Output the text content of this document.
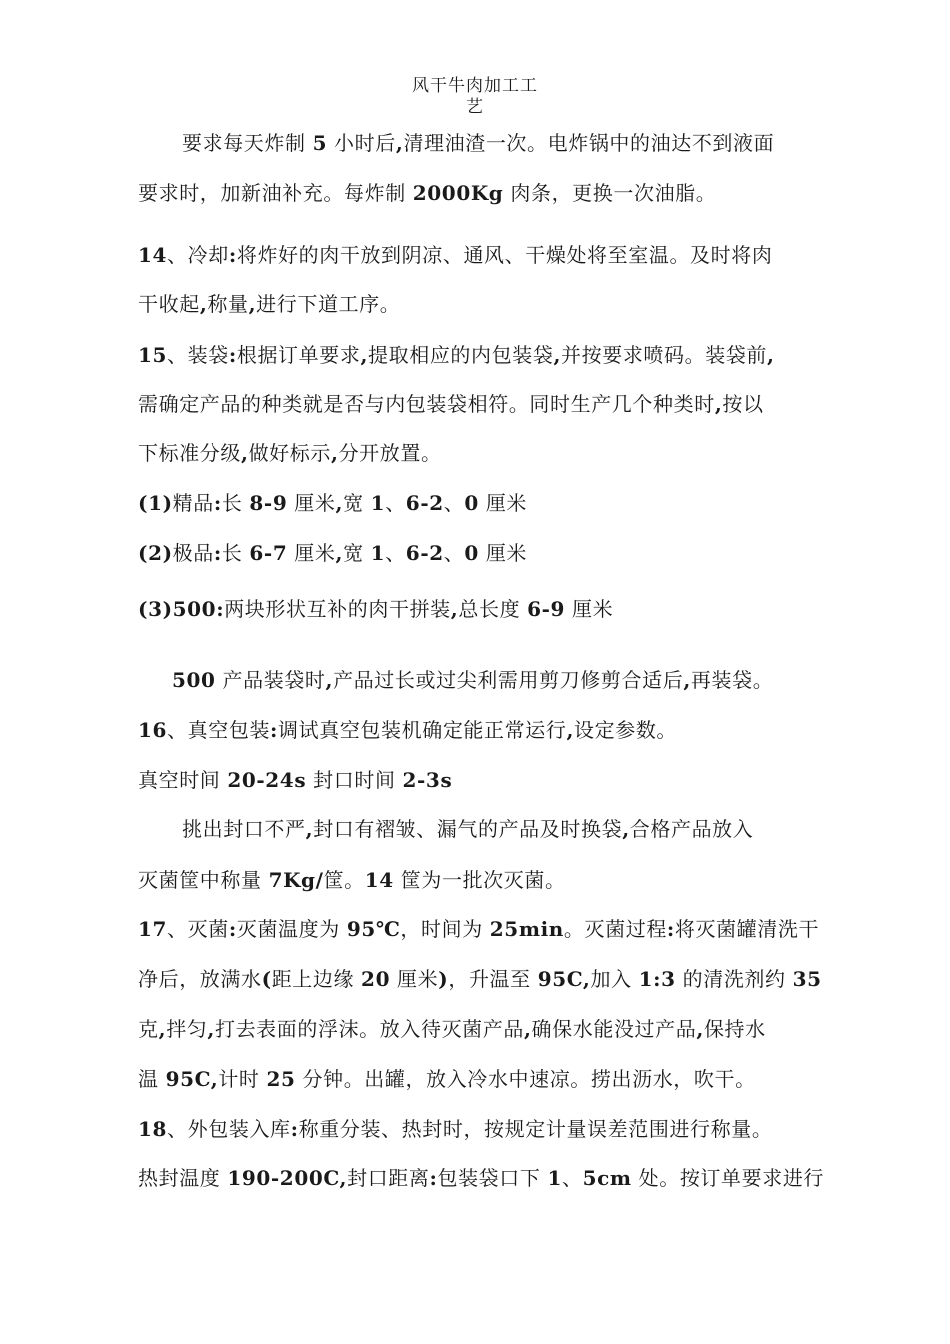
风干牛肉加工工
艺
要求每天炸制 5 小时后,清理油渣一次。电炸锅中的油达不到液面
要求时，加新油补充。每炸制 2000Kg 肉条，更换一次油脂。
14、冷却:将炸好的肉干放到阴凉、通风、干燥处将至室温。及时将肉
干收起,称量,进行下道工序。
15、装袋:根据订单要求,提取相应的内包装袋,并按要求喷码。装袋前,
需确定产品的种类就是否与内包装袋相符。同时生产几个种类时,按以
下标准分级,做好标示,分开放置。
(1)精品:长 8-9 厘米,宽 1、6-2、0 厘米
(2)极品:长 6-7 厘米,宽 1、6-2、0 厘米
(3)500:两块形状互补的肉干拼装,总长度 6-9 厘米
500 产品装袋时,产品过长或过尖利需用剪刀修剪合适后,再装袋。
16、真空包装:调试真空包装机确定能正常运行,设定参数。
真空时间 20-24s 封口时间 2-3s
挑出封口不严,封口有褶皱、漏气的产品及时换袋,合格产品放入
灭菌筐中称量 7Kg/筐。14 筐为一批次灭菌。
17、灭菌:灭菌温度为 95℃，时间为 25min。灭菌过程:将灭菌罐清洗干
净后，放满水(距上边缘 20 厘米)，升温至 95C,加入 1:3 的清洗剂约 35
克,拌匀,打去表面的浮沫。放入待灭菌产品,确保水能没过产品,保持水
温 95C,计时 25 分钟。出罐，放入冷水中速凉。捞出沥水，吹干。
18、外包装入库:称重分装、热封时，按规定计量误差范围进行称量。
热封温度 190-200C,封口距离:包装袋口下 1、5cm 处。按订单要求进行
